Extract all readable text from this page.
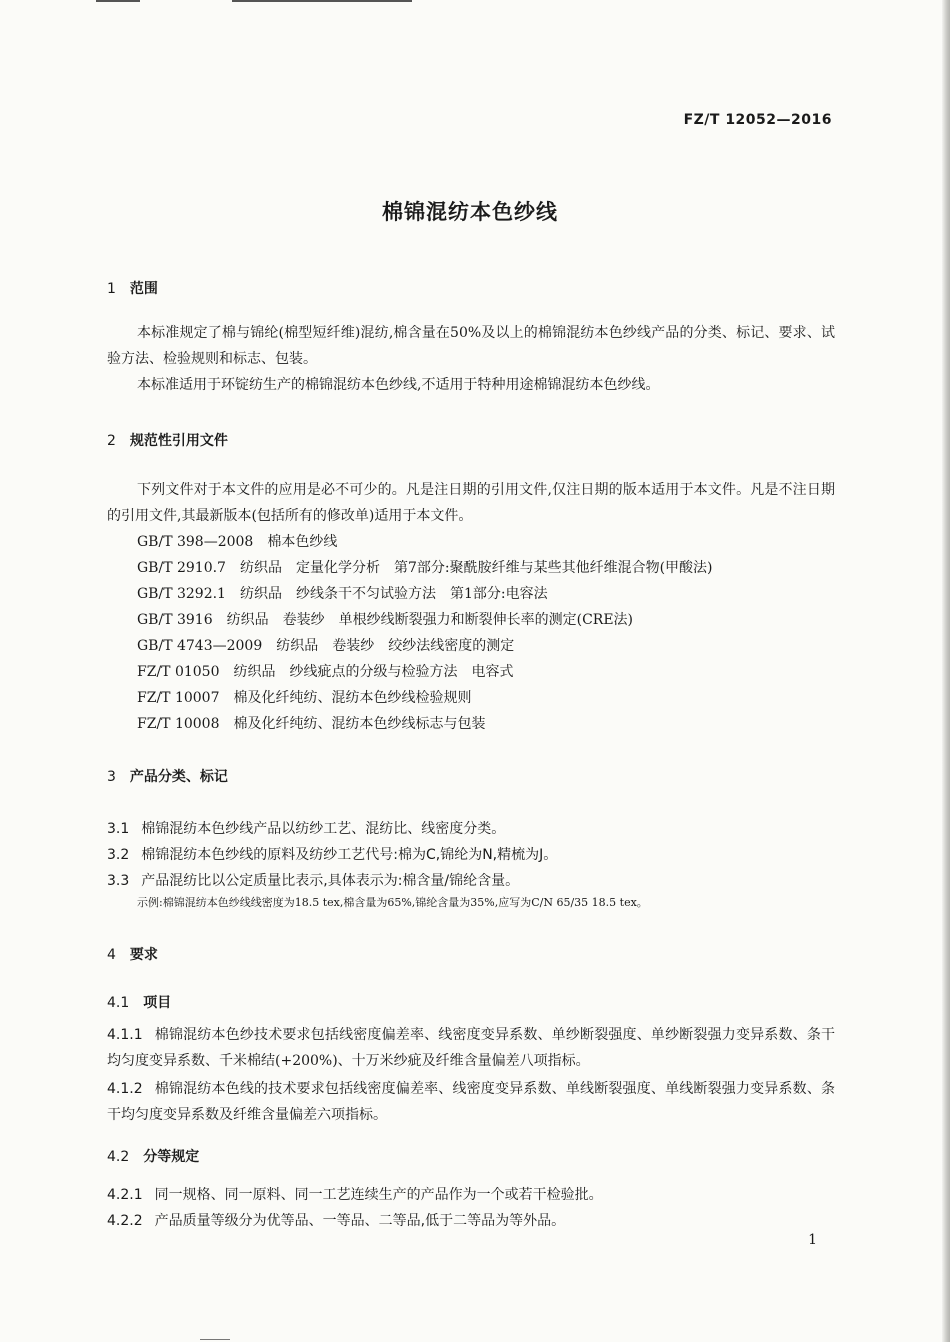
FZ/T 12052—2016
棉锦混纺本色纱线
1 范围
本标准规定了棉与锦纶(棉型短纤维)混纺,棉含量在50%及以上的棉锦混纺本色纱线产品的分类、标记、要求、试验方法、检验规则和标志、包装。
本标准适用于环锭纺生产的棉锦混纺本色纱线,不适用于特种用途棉锦混纺本色纱线。
2 规范性引用文件
下列文件对于本文件的应用是必不可少的。凡是注日期的引用文件,仅注日期的版本适用于本文件。凡是不注日期的引用文件,其最新版本(包括所有的修改单)适用于本文件。
GB/T 398—2008 棉本色纱线
GB/T 2910.7 纺织品　定量化学分析　第7部分:聚酰胺纤维与某些其他纤维混合物(甲酸法)
GB/T 3292.1 纺织品　纱线条干不匀试验方法　第1部分:电容法
GB/T 3916 纺织品　卷装纱　单根纱线断裂强力和断裂伸长率的测定(CRE法)
GB/T 4743—2009 纺织品　卷装纱　绞纱法线密度的测定
FZ/T 01050 纺织品　纱线疵点的分级与检验方法　电容式
FZ/T 10007 棉及化纤纯纺、混纺本色纱线检验规则
FZ/T 10008 棉及化纤纯纺、混纺本色纱线标志与包装
3 产品分类、标记
3.1 棉锦混纺本色纱线产品以纺纱工艺、混纺比、线密度分类。
3.2 棉锦混纺本色纱线的原料及纺纱工艺代号:棉为C,锦纶为N,精梳为J。
3.3 产品混纺比以公定质量比表示,具体表示为:棉含量/锦纶含量。
示例:棉锦混纺本色纱线线密度为18.5 tex,棉含量为65%,锦纶含量为35%,应写为C/N 65/35 18.5 tex。
4 要求
4.1 项目
4.1.1 棉锦混纺本色纱技术要求包括线密度偏差率、线密度变异系数、单纱断裂强度、单纱断裂强力变异系数、条干均匀度变异系数、千米棉结(+200%)、十万米纱疵及纤维含量偏差八项指标。
4.1.2 棉锦混纺本色线的技术要求包括线密度偏差率、线密度变异系数、单线断裂强度、单线断裂强力变异系数、条干均匀度变异系数及纤维含量偏差六项指标。
4.2 分等规定
4.2.1 同一规格、同一原料、同一工艺连续生产的产品作为一个或若干检验批。
4.2.2 产品质量等级分为优等品、一等品、二等品,低于二等品为等外品。
1
